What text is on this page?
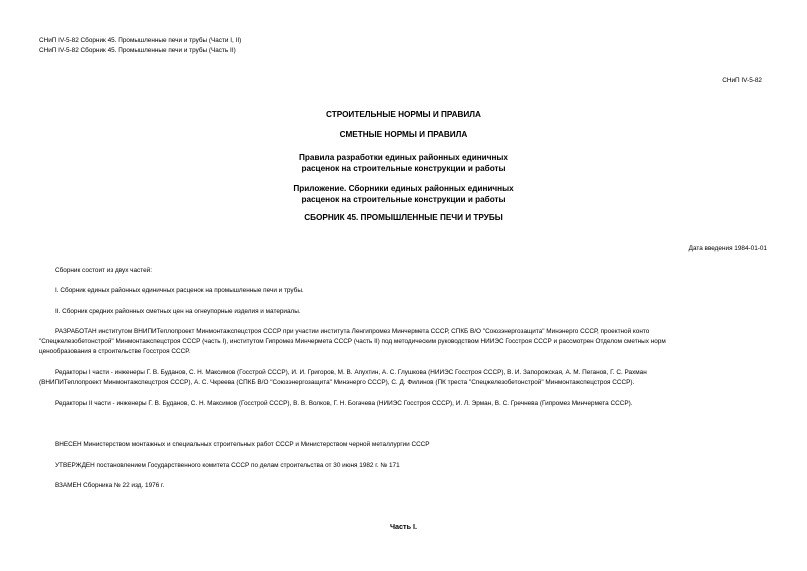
СНиП IV-5-82 Сборник 45. Промышленные печи и трубы (Части I, II)
СНиП IV-5-82 Сборник 45. Промышленные печи и трубы (Часть II)
СНиП IV-5-82
СТРОИТЕЛЬНЫЕ НОРМЫ И ПРАВИЛА
СМЕТНЫЕ НОРМЫ И ПРАВИЛА
Правила разработки единых районных единичных
расценок на строительные конструкции и работы
Приложение. Сборники единых районных единичных
расценок на строительные конструкции и работы
СБОРНИК 45. ПРОМЫШЛЕННЫЕ ПЕЧИ И ТРУБЫ
Дата введения 1984-01-01
Сборник состоит из двух частей:
I. Сборник единых районных единичных расценок на промышленные печи и трубы.
II. Сборник средних районных сметных цен на огнеупорные изделия и материалы.
РАЗРАБОТАН институтом ВНИПИТеплопроект Минмонтажспецстроя СССР при участии института Ленгипромез Минчермета СССР, СПКБ В/О "Союзэнергозащита" Минэнерго СССР, проектной конто
"Спецжелезобетонстрой" Минмонтажспецстроя СССР (часть I), институтом Гипромез Минчермета СССР (часть II) под методическим руководством НИИЭС Госстроя СССР и рассмотрен Отделом сметных норм
ценообразования в строительстве Госстроя СССР.
Редакторы I части - инженеры Г. В. Буданов, С. Н. Максимов (Госстрой СССР), И. И. Григоров, М. В. Апухтин, А. С. Глушкова (НИИЭС Госстроя СССР), В. И. Запорожская, А. М. Пеганов, Г. С. Рахман
(ВНИПИТеплопроект Минмонтажспецстроя СССР), А. С. Чкреева (СПКБ В/О "Союзэнергозащита" Минэнерго СССР), С. Д. Филинов (ПК треста "Спецжелезобетонстрой" Минмонтажспецстроя СССР).
Редакторы II части - инженеры Г. В. Буданов, С. Н. Максимов (Госстрой СССР), В. В. Волков, Г. Н. Богачева (НИИЭС Госстроя СССР), И. Л. Эрман, В. С. Гречнева (Гипромез Минчермета СССР).
ВНЕСЕН Министерством монтажных и специальных строительных работ СССР и Министерством черной металлургии СССР
УТВЕРЖДЕН постановлением Государственного комитета СССР по делам строительства от 30 июня 1982 г. № 171
ВЗАМЕН Сборника № 22 изд. 1976 г.
Часть I.
